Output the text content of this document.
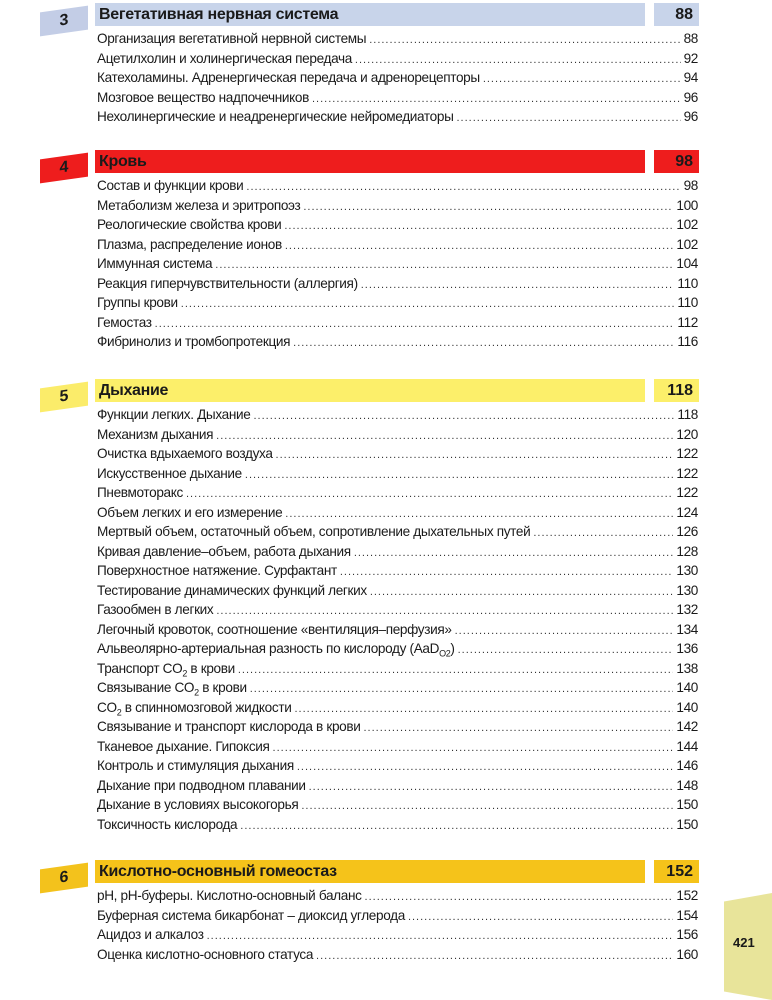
3	Вегетативная нервная система	88
Организация вегетативной нервной системы .....	88
Ацетилхолин и холинергическая передача .....	92
Катехоламины. Адренергическая передача и адренорецепторы .....	94
Мозговое вещество надпочечников .....	96
Нехолинергические и неадренергические нейромедиаторы .....	96
4	Кровь	98
Состав и функции крови .....	98
Метаболизм железа и эритропоэз .....	100
Реологические свойства крови .....	102
Плазма, распределение ионов .....	102
Иммунная система .....	104
Реакция гиперчувствительности (аллергия) .....	110
Группы крови .....	110
Гемостаз .....	112
Фибринолиз и тромбопротекция .....	116
5	Дыхание	118
Функции легких. Дыхание .....	118
Механизм дыхания .....	120
Очистка вдыхаемого воздуха .....	122
Искусственное дыхание .....	122
Пневмоторакс .....	122
Объем легких и его измерение .....	124
Мертвый объем, остаточный объем, сопротивление дыхательных путей .....	126
Кривая давление–объем, работа дыхания .....	128
Поверхностное натяжение. Сурфактант .....	130
Тестирование динамических функций легких .....	130
Газообмен в легких .....	132
Легочный кровоток, соотношение «вентиляция–перфузия» .....	134
Альвеолярно-артериальная разность по кислороду (AaD$_{O2}$) .....	136
Транспорт $CO_2$ в крови .....	138
Связывание $CO_2$ в крови .....	140
$CO_2$ в спинномозговой жидкости .....	140
Связывание и транспорт кислорода в крови .....	142
Тканевое дыхание. Гипоксия .....	144
Контроль и стимуляция дыхания .....	146
Дыхание при подводном плавании .....	148
Дыхание в условиях высокогорья .....	150
Токсичность кислорода .....	150
6	Кислотно-основный гомеостаз	152
pH, pH-буферы. Кислотно-основный баланс .....	152
Буферная система бикарбонат – диоксид углерода .....	154
Ацидоз и алкалоз .....	156
Оценка кислотно-основного статуса .....	160
421
